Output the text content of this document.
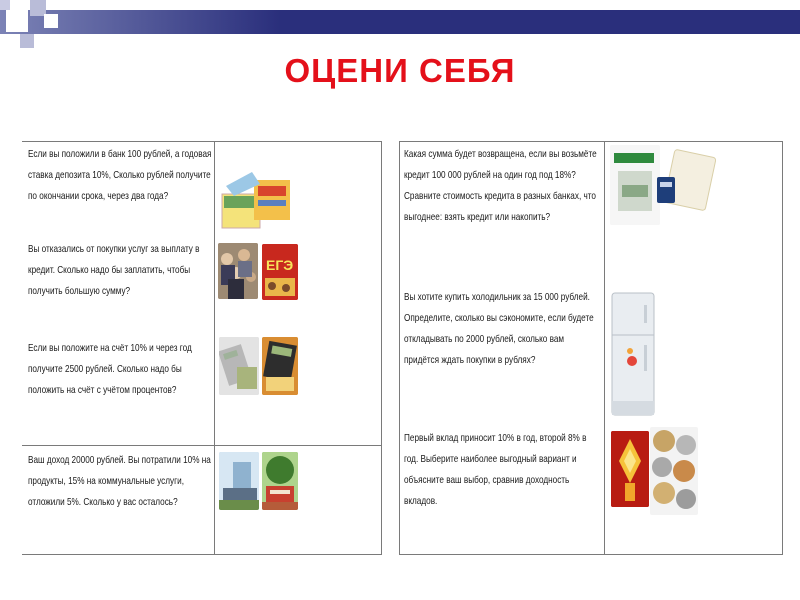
ОЦЕНИ СЕБЯ
Если вы положили в банк 100 рублей, а годовая ставка депозита 10%, Сколько рублей получите по окончании срока, через два года?
Вы отказались от покупки услуг за выплату в кредит. Сколько надо бы заплатить, чтобы получить большую сумму?
Если вы положите на счёт 10% и через год получите 2500 рублей. Сколько надо бы положить на счёт с учётом процентов?
Ваш доход 20000 рублей. Вы потратили 10% на продукты, 15% на коммунальные услуги, отложили 5%. Сколько у вас осталось?
ЕГЭ
Какая сумма будет возвращена, если вы возьмёте кредит 100 000 рублей на один год под 18%? Сравните стоимость кредита в разных банках, что выгоднее: взять кредит или накопить?
Вы хотите купить холодильник за 15 000 рублей. Определите, сколько вы сэкономите, если будете откладывать по 2000 рублей, сколько вам придётся ждать покупки в рублях?
Первый вклад приносит 10% в год, второй 8% в год. Выберите наиболее выгодный вариант и объясните ваш выбор, сравнив доходность вкладов.
